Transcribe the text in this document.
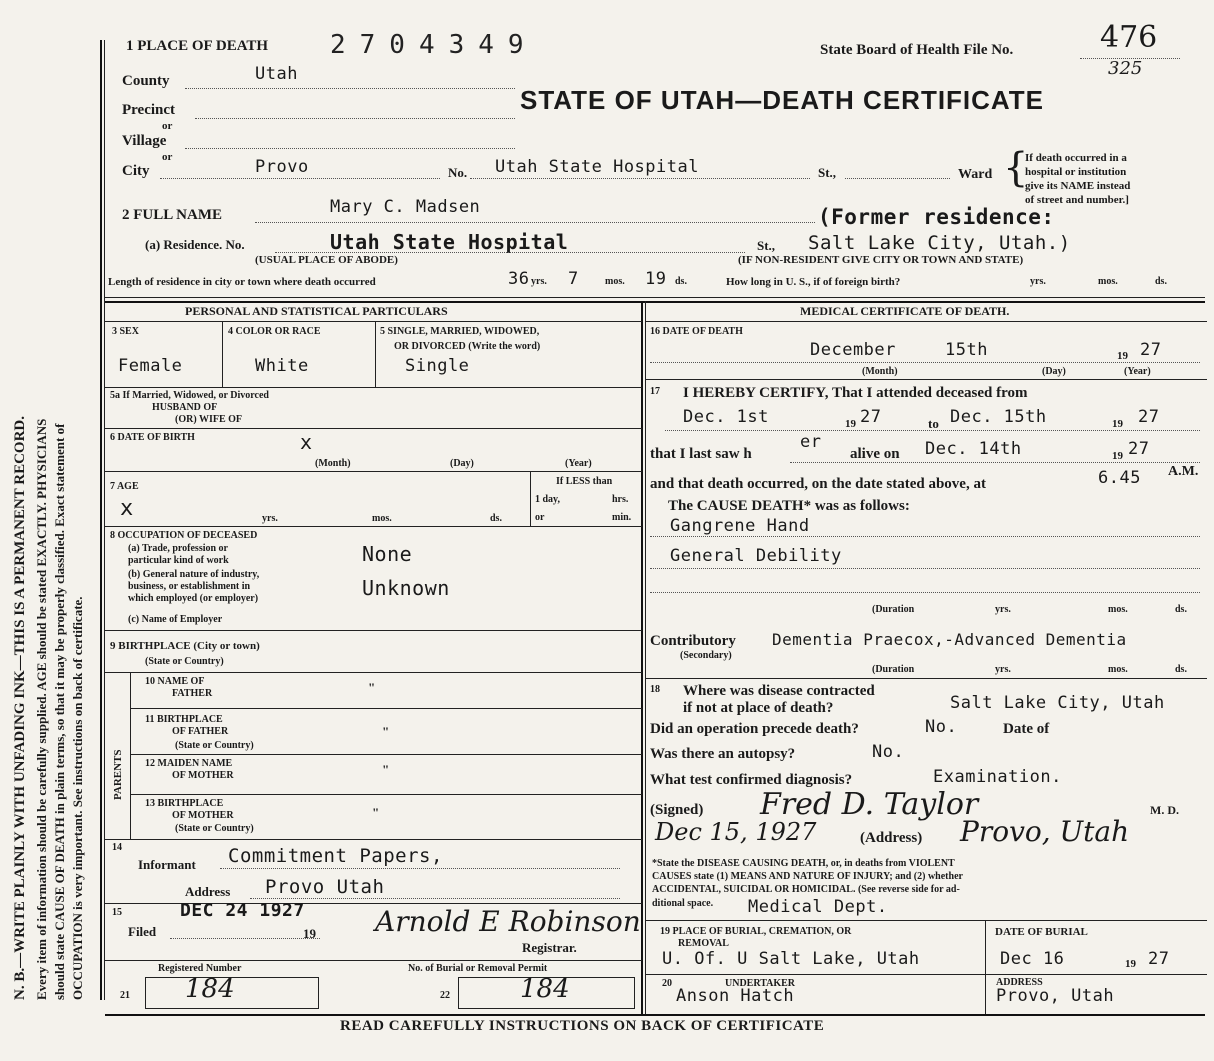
N. B.—WRITE PLAINLY WITH UNFADING INK—THIS IS A PERMANENT RECORD. Every item of information should be carefully supplied. AGE should be stated EXACTLY. PHYSICIANS should state CAUSE OF DEATH in plain terms, so that it may be properly classified. Exact statement of OCCUPATION is very important. See instructions on back of certificate.
1 PLACE OF DEATH 2704349	State Board of Health File No.	476
325
STATE OF UTAH—DEATH CERTIFICATE
County	Utah
Precinct
or
Village
or
City	Provo	No. Utah State Hospital	St.,	Ward {
If death occurred in a
hospital or institution
give its NAME instead
of street and number.]
2 FULL NAME	Mary C. Madsen	(Former residence:
(a) Residence. No.	Utah State Hospital	St., Salt Lake City, Utah.)
(USUAL PLACE OF ABODE)	(IF NON-RESIDENT GIVE CITY OR TOWN AND STATE)
Length of residence in city or town where death occurred	36 yrs. 7	mos. 19 ds.	How long in U. S., if of foreign birth?	yrs.	mos.	ds.
PERSONAL AND STATISTICAL PARTICULARS
3 SEX
Female
4 COLOR OR RACE
White
5 SINGLE, MARRIED, WIDOWED,
OR DIVORCED (Write the word)
Single
5a If Married, Widowed, or Divorced
HUSBAND OF
(OR) WIFE OF
6 DATE OF BIRTH	x
(Month)	(Day)	(Year)
7 AGE
x	yrs.	mos.	ds.
If LESS than
1 day,	hrs.
or	min.
8 OCCUPATION OF DECEASED
(a) Trade, profession or
particular kind of work	None
(b) General nature of industry,
business, or establishment in
which employed (or employer)	Unknown
(c) Name of Employer
9 BIRTHPLACE (City or town)
(State or Country)
PARENTS
10 NAME OF
FATHER	"
11 BIRTHPLACE
OF FATHER
(State or Country)
"
12 MAIDEN NAME
OF MOTHER	"
13 BIRTHPLACE
OF MOTHER
(State or Country)
"
14
Informant Commitment Papers,
Address Provo Utah
15	DEC 24 1927
Filed	19 Arnold E Robinson
Registrar.
Registered Number	No. of Burial or Removal Permit
21 184	22	184
MEDICAL CERTIFICATE OF DEATH.
16 DATE OF DEATH
December	15th	19 27
(Month)	(Day)	(Year)
17 I HEREBY CERTIFY, That I attended deceased from
Dec. 1st	19 27	to Dec. 15th	19 27
that I last saw h
er
alive on Dec. 14th	19 27
and that death occurred, on the date stated above, at	6.45 A.M.
The CAUSE DEATH* was as follows:
Gangrene Hand
General Debility
(Duration	yrs.	mos.	ds.
Contributory
(Secondary)
Dementia Praecox,-Advanced Dementia
(Duration	yrs.	mos.	ds.
18 Where was disease contracted
if not at place of death?	Salt Lake City, Utah
Did an operation precede death?	No.	Date of
Was there an autopsy?	No.
What test confirmed diagnosis?	Examination.
(Signed) Fred D. Taylor	M. D.
Dec 15, 1927	(Address) Provo, Utah
*State the DISEASE CAUSING DEATH, or, in deaths from VIOLENT
CAUSES state (1) MEANS AND NATURE OF INJURY; and (2) whether
ACCIDENTAL, SUICIDAL OR HOMICIDAL. (See reverse side for ad-
ditional space. Medical Dept.
19 PLACE OF BURIAL, CREMATION, OR
REMOVAL
U. Of. U Salt Lake, Utah
DATE OF BURIAL
Dec 16	19 27
20	UNDERTAKER
Anson Hatch
ADDRESS
Provo, Utah
READ CAREFULLY INSTRUCTIONS ON BACK OF CERTIFICATE
